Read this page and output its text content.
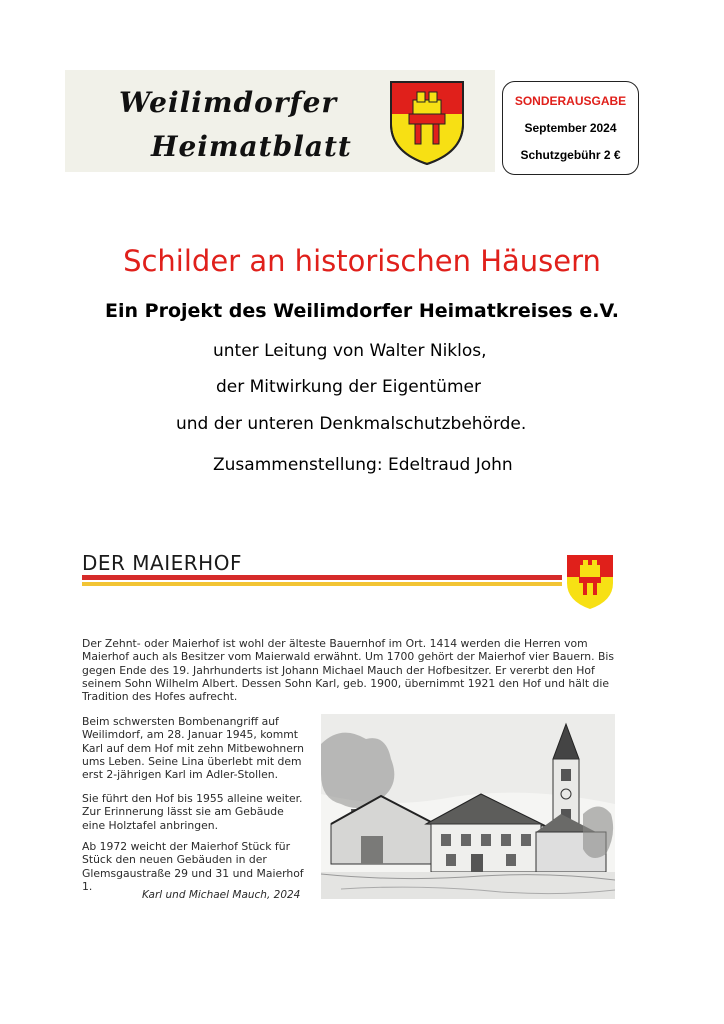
Weilimdorfer
Heimatblatt
SONDERAUSGABE
September 2024
Schutzgebühr 2 €
Schilder an historischen Häusern
Ein Projekt des Weilimdorfer Heimatkreises e.V.
unter Leitung von Walter Niklos,
der Mitwirkung der Eigentümer
und der unteren Denkmalschutzbehörde.
Zusammenstellung: Edeltraud John
DER MAIERHOF
Der Zehnt- oder Maierhof ist wohl der älteste Bauernhof im Ort. 1414 werden die Herren vom Maierhof auch als Besitzer vom Maierwald erwähnt. Um 1700 gehört der Maierhof vier Bauern. Bis gegen Ende des 19. Jahrhunderts ist Johann Michael Mauch der Hofbesitzer. Er vererbt den Hof seinem Sohn Wilhelm Albert. Dessen Sohn Karl, geb. 1900, übernimmt 1921 den Hof und hält die Tradition des Hofes aufrecht.
Beim schwersten Bombenangriff auf Weilimdorf, am 28. Januar 1945, kommt Karl auf dem Hof mit zehn Mitbewohnern ums Leben. Seine Lina überlebt mit dem erst 2-jährigen Karl im Adler-Stollen.
Sie führt den Hof bis 1955 alleine weiter. Zur Erinnerung lässt sie am Gebäude eine Holztafel anbringen.
Ab 1972 weicht der Maierhof Stück für Stück den neuen Gebäuden in der Glemsgaustraße 29 und 31 und Maierhof 1.
Karl und Michael Mauch, 2024
